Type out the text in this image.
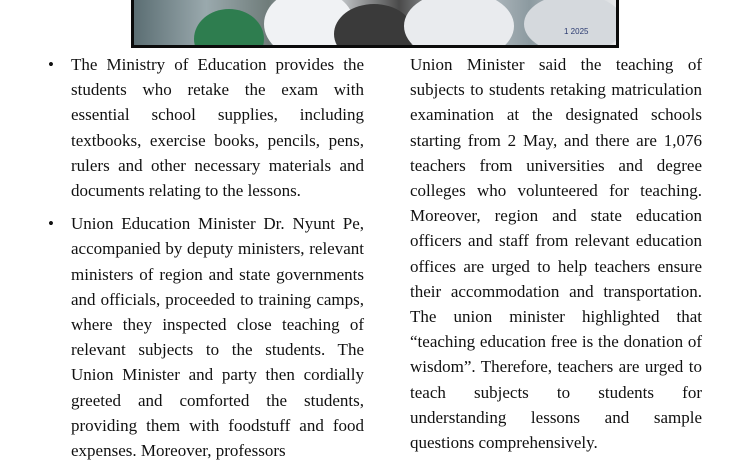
1 2025
• The Ministry of Education provides the students who retake the exam with essential school supplies, including textbooks, exercise books, pencils, pens, rulers and other necessary materials and documents relating to the lessons.

• Union Education Minister Dr. Nyunt Pe, accompanied by deputy ministers, relevant ministers of region and state governments and officials, proceeded to training camps, where they inspected close teaching of relevant subjects to the students. The Union Minister and party then cordially greeted and comforted the students, providing them with foodstuff and food expenses. Moreover, professors

Union Minister said the teaching of subjects to students retaking matriculation examination at the designated schools starting from 2 May, and there are 1,076 teachers from universities and degree colleges who volunteered for teaching. Moreover, region and state education officers and staff from relevant education offices are urged to help teachers ensure their accommodation and transportation. The union minister highlighted that “teaching education free is the donation of wisdom”. Therefore, teachers are urged to teach subjects to students for understanding lessons and sample questions comprehensively.
